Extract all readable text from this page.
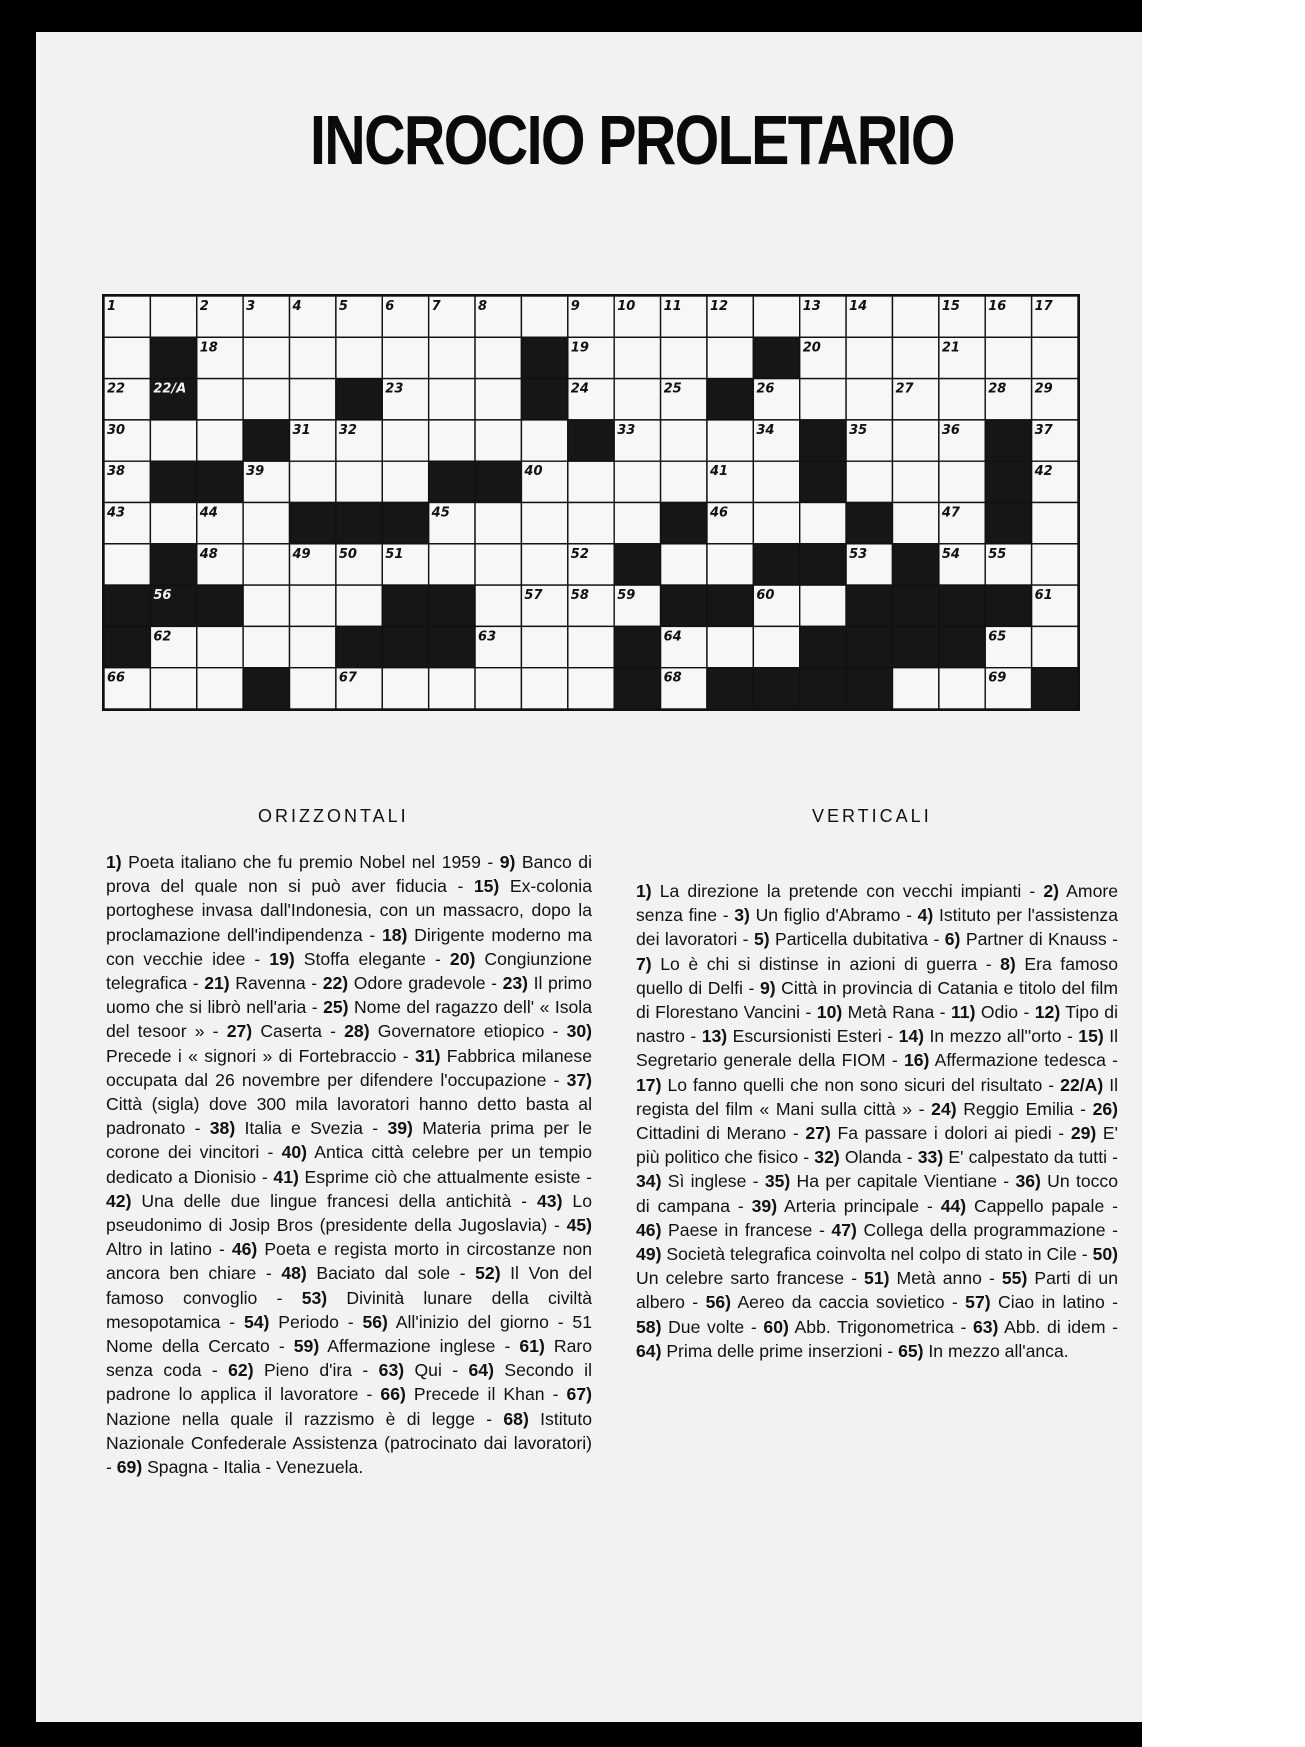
INCROCIO PROLETARIO
1	2	3	4	5	6	7	8	9	10 11 12	13 14	15 16 17
18	19	20	21
22 22/A	23	24	25	26	27	28 29
30	31 32	33	34	35	36	37
38	39	40	41	42
43	44	45	46	47
48	49 50 51	52	53	54 55
56	57 58 59	60	61
62	63	64	65
66	67	68	69
ORIZZONTALI	VERTICALI
1) Poeta italiano che fu premio Nobel nel 1959 - 9) Banco di prova del quale non si può aver fiducia - 15) Ex-colonia portoghese invasa dall'Indonesia, con un massacro, dopo la proclamazione dell'indipendenza - 18) Dirigente moderno ma con vecchie idee - 19) Stoffa elegante - 20) Congiunzione telegrafica - 21) Ravenna - 22) Odore gradevole - 23) Il primo uomo che si librò nell'aria - 25) Nome del ragazzo dell' « Isola del tesoor » - 27) Caserta - 28) Governatore etiopico - 30) Precede i « signori » di Fortebraccio - 31) Fabbrica milanese occupata dal 26 novembre per difendere l'occupazione - 37) Città (sigla) dove 300 mila lavoratori hanno detto basta al padronato - 38) Italia e Svezia - 39) Materia prima per le corone dei vincitori - 40) Antica città celebre per un tempio dedicato a Dionisio - 41) Esprime ciò che attualmente esiste - 42) Una delle due lingue francesi della antichità - 43) Lo pseudonimo di Josip Bros (presidente della Jugoslavia) - 45) Altro in latino - 46) Poeta e regista morto in circostanze non ancora ben chiare - 48) Baciato dal sole - 52) Il Von del famoso convoglio - 53) Divinità lunare della civiltà mesopotamica - 54) Periodo - 56) All'inizio del giorno - 51 Nome della Cercato - 59) Affermazione inglese - 61) Raro senza coda - 62) Pieno d'ira - 63) Qui - 64) Secondo il padrone lo applica il lavoratore - 66) Precede il Khan - 67) Nazione nella quale il razzismo è di legge - 68) Istituto Nazionale Confederale Assistenza (patrocinato dai lavoratori) - 69) Spagna - Italia - Venezuela.
1) La direzione la pretende con vecchi impianti - 2) Amore senza fine - 3) Un figlio d'Abramo - 4) Istituto per l'assistenza dei lavoratori - 5) Particella dubitativa - 6) Partner di Knauss - 7) Lo è chi si distinse in azioni di guerra - 8) Era famoso quello di Delfi - 9) Città in provincia di Catania e titolo del film di Florestano Vancini - 10) Metà Rana - 11) Odio - 12) Tipo di nastro - 13) Escursionisti Esteri - 14) In mezzo all''orto - 15) Il Segretario generale della FIOM - 16) Affermazione tedesca - 17) Lo fanno quelli che non sono sicuri del risultato - 22/A) Il regista del film « Mani sulla città » - 24) Reggio Emilia - 26) Cittadini di Merano - 27) Fa passare i dolori ai piedi - 29) E' più politico che fisico - 32) Olanda - 33) E' calpestato da tutti - 34) Sì inglese - 35) Ha per capitale Vientiane - 36) Un tocco di campana - 39) Arteria principale - 44) Cappello papale - 46) Paese in francese - 47) Collega della programmazione - 49) Società telegrafica coinvolta nel colpo di stato in Cile - 50) Un celebre sarto francese - 51) Metà anno - 55) Parti di un albero - 56) Aereo da caccia sovietico - 57) Ciao in latino - 58) Due volte - 60) Abb. Trigonometrica - 63) Abb. di idem - 64) Prima delle prime inserzioni - 65) In mezzo all'anca.
